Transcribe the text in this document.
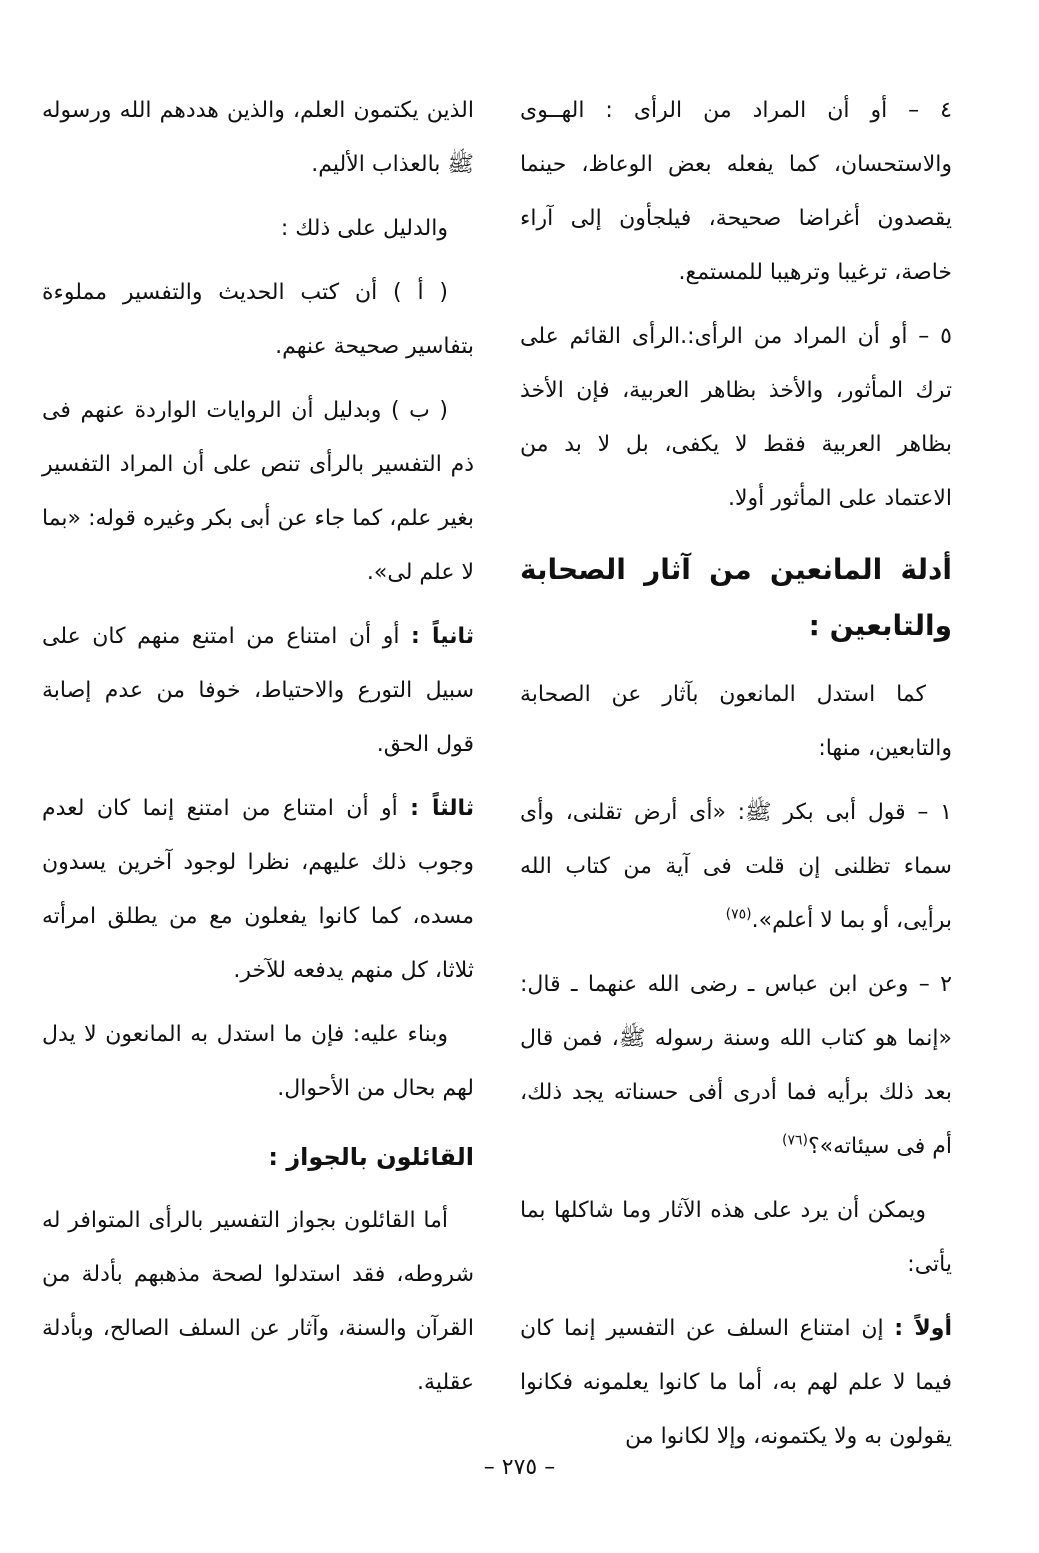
٤ – أو أن المراد من الرأى : الهــوى والاستحسان، كما يفعله بعض الوعاظ، حينما يقصدون أغراضا صحيحة، فيلجأون إلى آراء خاصة، ترغيبا وترهيبا للمستمع.

٥ – أو أن المراد من الرأى:.الرأى القائم على ترك المأثور، والأخذ بظاهر العربية، فإن الأخذ بظاهر العربية فقط لا يكفى، بل لا بد من الاعتماد على المأثور أولا.

أدلة المانعين من آثار الصحابة والتابعين :

كما استدل المانعون بآثار عن الصحابة والتابعين، منها:

١ – قول أبى بكر ﷺ: «أى أرض تقلنى، وأى سماء تظلنى إن قلت فى آية من كتاب الله برأيى، أو بما لا أعلم».$^{(٧٥)}$

٢ – وعن ابن عباس ـ رضى الله عنهما ـ قال: «إنما هو كتاب الله وسنة رسوله ﷺ، فمن قال بعد ذلك برأيه فما أدرى أفى حسناته يجد ذلك، أم فى سيئاته»؟$^{(٧٦)}$

ويمكن أن يرد على هذه الآثار وما شاكلها بما يأتى:

أولاً : إن امتناع السلف عن التفسير إنما كان فيما لا علم لهم به، أما ما كانوا يعلمونه فكانوا يقولون به ولا يكتمونه، وإلا لكانوا من

الذين يكتمون العلم، والذين هددهم الله ورسوله ﷺ بالعذاب الأليم.

والدليل على ذلك :

( أ ) أن كتب الحديث والتفسير مملوءة بتفاسير صحيحة عنهم.

( ب ) وبدليل أن الروايات الواردة عنهم فى ذم التفسير بالرأى تنص على أن المراد التفسير بغير علم، كما جاء عن أبى بكر وغيره قوله: «بما لا علم لى».

ثانياً : أو أن امتناع من امتنع منهم كان على سبيل التورع والاحتياط، خوفا من عدم إصابة قول الحق.

ثالثاً : أو أن امتناع من امتنع إنما كان لعدم وجوب ذلك عليهم، نظرا لوجود آخرين يسدون مسده، كما كانوا يفعلون مع من يطلق امرأته ثلاثا، كل منهم يدفعه للآخر.

وبناء عليه: فإن ما استدل به المانعون لا يدل لهم بحال من الأحوال.

القائلون بالجواز :

أما القائلون بجواز التفسير بالرأى المتوافر له شروطه، فقد استدلوا لصحة مذهبهم بأدلة من القرآن والسنة، وآثار عن السلف الصالح، وبأدلة عقلية.

– ٢٧٥ –
